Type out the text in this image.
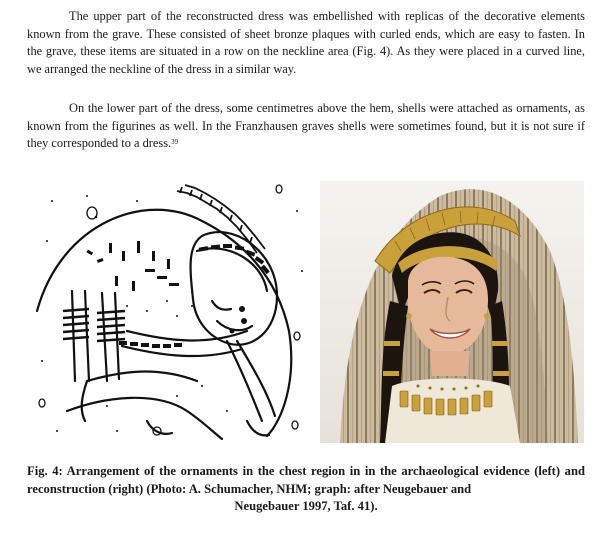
The upper part of the reconstructed dress was embellished with replicas of the decorative elements known from the grave. These consisted of sheet bronze plaques with curled ends, which are easy to fasten. In the grave, these items are situated in a row on the neckline area (Fig. 4). As they were placed in a curved line, we arranged the neckline of the dress in a similar way.

On the lower part of the dress, some centimetres above the hem, shells were attached as ornaments, as known from the figurines as well. In the Franzhausen graves shells were sometimes found, but it is not sure if they corresponded to a dress.$^{39}$

Fig. 4: Arrangement of the ornaments in the chest region in in the archaeological evidence (left) and reconstruction (right) (Photo: A. Schumacher, NHM; graph: after Neugebauer and

Neugebauer 1997, Taf. 41).
